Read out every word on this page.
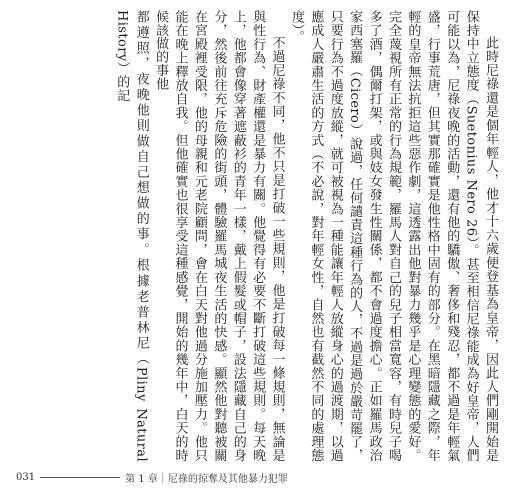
此時尼祿還是個年輕人，他才十六歲便登基為皇帝，因此人們剛開始是保持中立態度（Suetonius Nero 26）。甚至相信尼祿能成為好皇帝，人們可能以為，尼祿夜晚的活動，還有他的驕傲、奢侈和殘忍，都不過是年輕氣盛，行事荒唐，但其實那確實是他性格中固有的部分。在黑暗隱藏之際，年輕的皇帝無法抗拒這些惡作劇，這透露出他對暴力幾乎是心理變態的愛好。完全蔑視所有正常的行為規範，羅馬人對自己的兒子相當寬容，有時兒子喝多了酒，偶爾打架，或與妓女發生性關係，都不會過度擔心。正如羅馬政治家西塞羅（Cicero）說過，任何譴責這種行為的人，不過是過於嚴苛罷了，只要行為不過度放縱，就可被視為一種能讓年輕人放縱身心的過渡期，以過應成人嚴肅生活的方式（不必說，對年輕女性，自然也有截然不同的處理態度）。

不過尼祿不同，他不只是打破一些規則，他是打破每一條規則，無論是與性行為、財產權還是暴力有關。他覺得有必要不斷打破這些規則。每天晚上，他都會像穿著遮蔽衫的青年一樣，戴上假髮或帽子，設法隱藏自己的身分，然後前往充斥危險的街頭，體驗羅馬城夜生活的快感。顯然他對聽被關在宮殿裡受限，他的母親和元老院顧問，會在白天對他過分施加壓力。他只能在晚上釋放自我。但他確實也很享受這種感覺，開始的幾年中，白天的時候該做的事他

都遵照，夜晚他則做自己想做的事。根據老普林尼（Pliny Natural History）的記

031	第 1 章｜尼祿的掠奪及其他暴力犯罪
